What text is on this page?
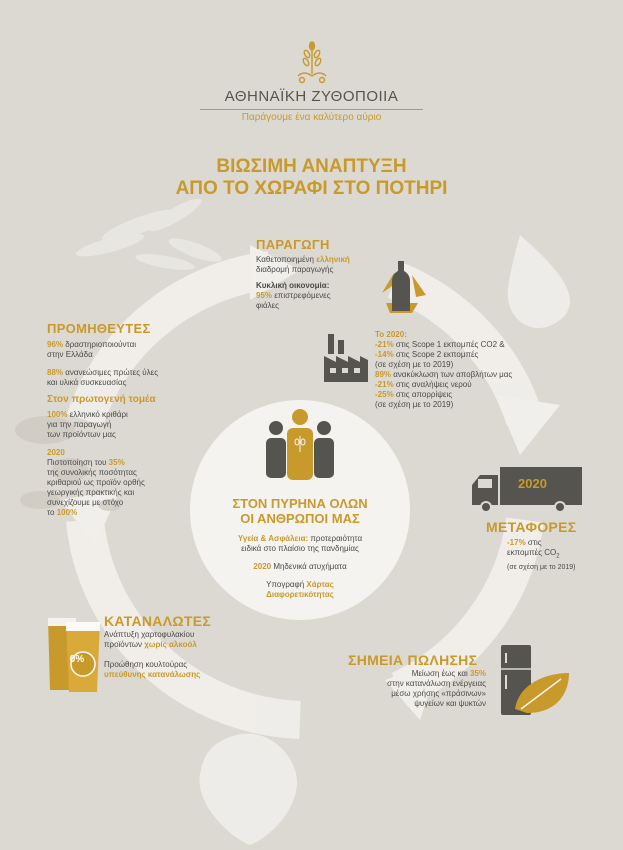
ΑΘΗΝΑΪΚΗ ΖΥΘΟΠΟΙΙΑ
Παράγουμε ένα καλύτερο αύριο
ΒΙΩΣΙΜΗ ΑΝΑΠΤΥΞΗ
ΑΠΟ ΤΟ ΧΩΡΑΦΙ ΣΤΟ ΠΟΤΗΡΙ
ΠΑΡΑΓΩΓΗ
Καθετοποιημένη ελληνική
διαδρομή παραγωγής
Κυκλική οικονομία:
95% επιστρεφόμενες
φιάλες
Το 2020:
-21% στις Scope 1 εκπομπές CO2 &
-14% στις Scope 2 εκπομπές
(σε σχέση με το 2019)
89% ανακύκλωση των αποβλήτων μας
-21% στις αναλήψεις νερού
-25% στις απορρίψεις
(σε σχέση με το 2019)
ΠΡΟΜΗΘΕΥΤΕΣ
96% δραστηριοποιούνται
στην Ελλάδα
88% ανανεώσιμες πρώτες ύλες
και υλικά συσκευασίας
Στον πρωτογενή τομέα
100% ελληνικό κριθάρι
για την παραγωγή
των προϊόντων μας
2020
Πιστοποίηση του 35%
της συνολικής ποσότητας
κριθαριού ως προϊόν ορθής
γεωργικής πρακτικής και
συνεχίζουμε με στόχο
το 100%
ΣΤΟΝ ΠΥΡΗΝΑ ΟΛΩΝ
ΟΙ ΑΝΘΡΩΠΟΙ ΜΑΣ
Υγεία & Ασφάλεια: προτεραιότητα
ειδικά στο πλαίσιο της πανδημίας
2020 Μηδενικά ατυχήματα
Υπογραφή Χάρτας
Διαφορετικότητας
2020
ΜΕΤΑΦΟΡΕΣ
-17% στις
εκπομπές $CO_2$
(σε σχέση με το 2019)
0%
ΚΑΤΑΝΑΛΩΤΕΣ
Ανάπτυξη χαρτοφυλακίου
προϊόντων χωρίς αλκοόλ
Προώθηση κουλτούρας
υπεύθυνης κατανάλωσης
ΣΗΜΕΙΑ ΠΩΛΗΣΗΣ
Μείωση έως και 35%
στην κατανάλωση ενέργειας
μέσω χρήσης «πράσινων»
ψυγείων και ψυκτών
